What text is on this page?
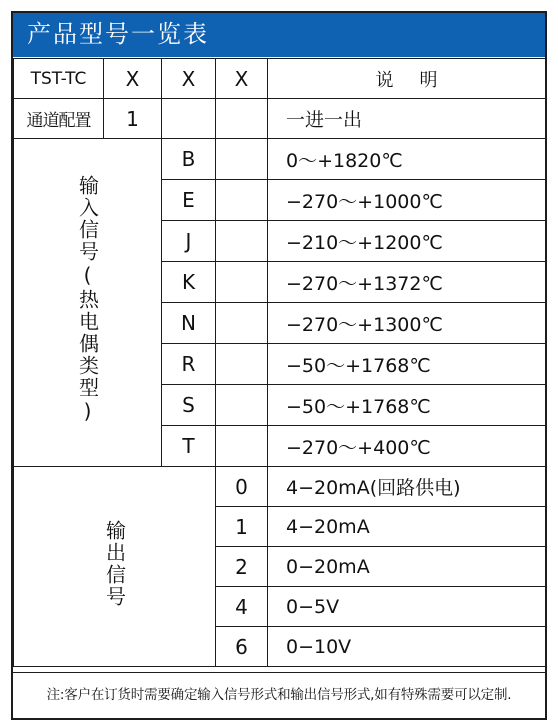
产品型号一览表
TST-TC	X	X	X	说明
通道配置	1			一进一出
输入信号(热电偶类型)		B		0～+1820℃
		E		−270～+1000℃
		J		−210～+1200℃
		K		−270～+1372℃
		N		−270～+1300℃
		R		−50～+1768℃
		S		−50～+1768℃
		T		−270～+400℃
输出信号			0	4−20mA(回路供电)
			1	4−20mA
			2	0−20mA
			4	0−5V
			6	0−10V
注:客户在订货时需要确定输入信号形式和输出信号形式,如有特殊需要可以定制.
